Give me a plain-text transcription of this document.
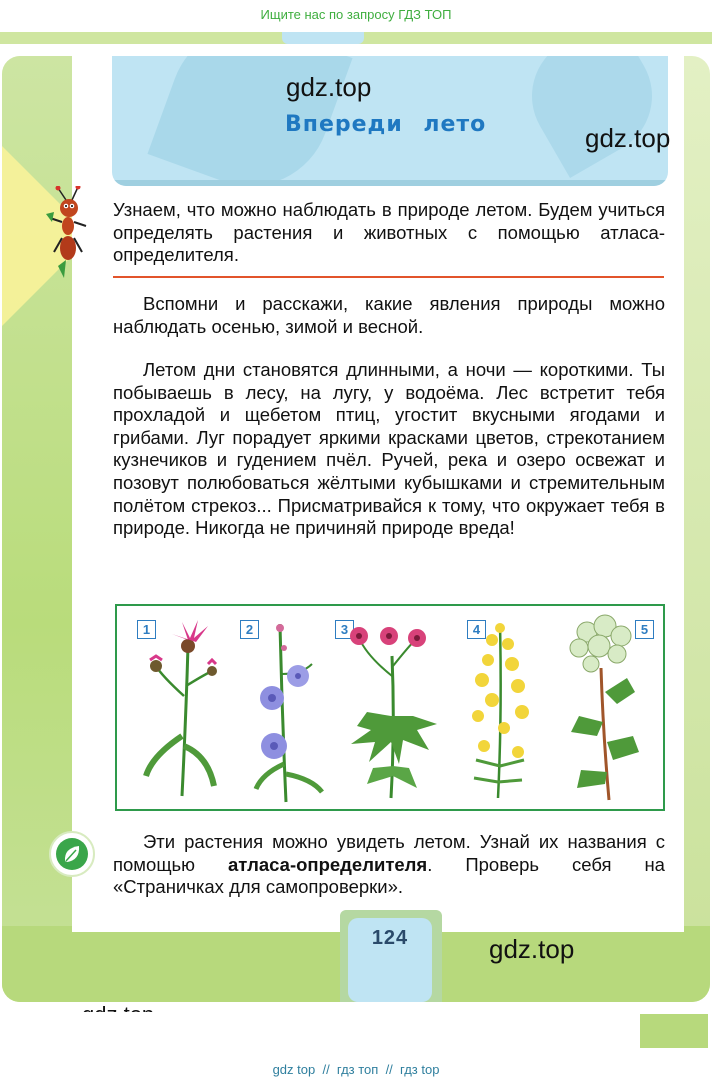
Ищите нас по запросу ГДЗ ТОП
Впереди лето
gdz.top
gdz.top
gdz.top
Узнаем, что можно наблюдать в природе летом. Будем учиться определять растения и животных с помощью атласа-определителя.
Вспомни и расскажи, какие явления природы можно наблюдать осенью, зимой и весной.
Летом дни становятся длинными, а ночи — короткими. Ты побываешь в лесу, на лугу, у водоёма. Лес встретит тебя прохладой и щебетом птиц, угостит вкусными ягодами и грибами. Луг порадует яркими красками цветов, стрекотанием кузнечиков и гудением пчёл. Ручей, река и озеро освежат и позовут полюбоваться жёлтыми кубышками и стремительным полётом стрекоз... Присматривайся к тому, что окружает тебя в природе. Никогда не причиняй природе вреда!
1	2	3	4	5
Эти растения можно увидеть летом. Узнай их названия с помощью атласа-определителя. Проверь себя на «Страничках для самопроверки».
124
gdz top // гдз топ // гдз top
